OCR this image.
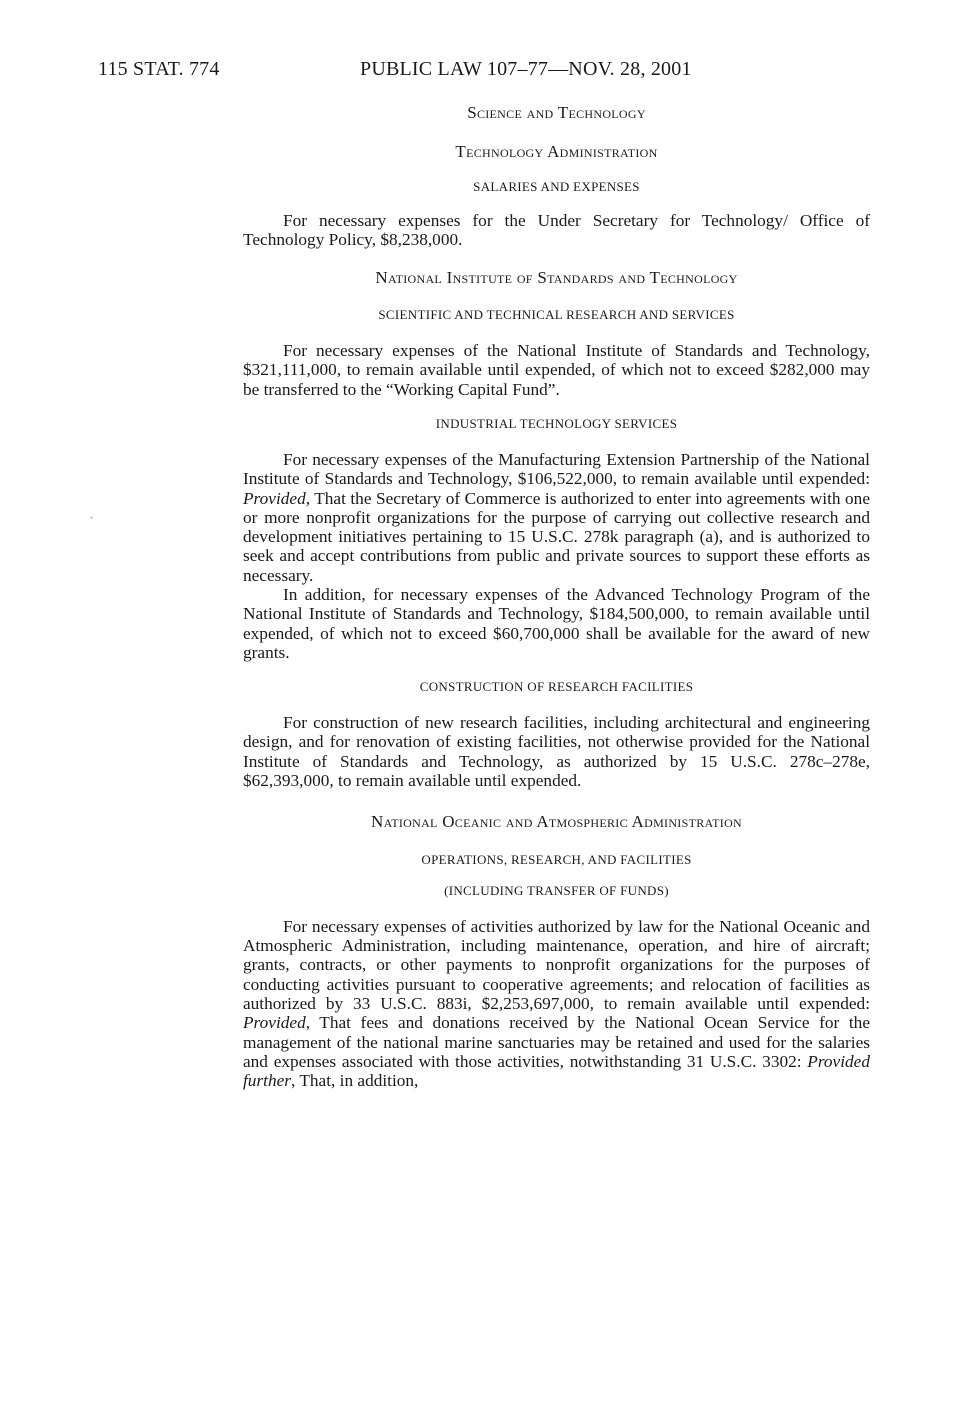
115 STAT. 774	PUBLIC LAW 107–77—NOV. 28, 2001
Science and Technology
Technology Administration
SALARIES AND EXPENSES

For necessary expenses for the Under Secretary for Technology/ Office of Technology Policy, $8,238,000.

National Institute of Standards and Technology
SCIENTIFIC AND TECHNICAL RESEARCH AND SERVICES

For necessary expenses of the National Institute of Standards and Technology, $321,111,000, to remain available until expended, of which not to exceed $282,000 may be transferred to the “Working Capital Fund”.

INDUSTRIAL TECHNOLOGY SERVICES

For necessary expenses of the Manufacturing Extension Partnership of the National Institute of Standards and Technology, $106,522,000, to remain available until expended: Provided, That the Secretary of Commerce is authorized to enter into agreements with one or more nonprofit organizations for the purpose of carrying out collective research and development initiatives pertaining to 15 U.S.C. 278k paragraph (a), and is authorized to seek and accept contributions from public and private sources to support these efforts as necessary.

In addition, for necessary expenses of the Advanced Technology Program of the National Institute of Standards and Technology, $184,500,000, to remain available until expended, of which not to exceed $60,700,000 shall be available for the award of new grants.

CONSTRUCTION OF RESEARCH FACILITIES

For construction of new research facilities, including architectural and engineering design, and for renovation of existing facilities, not otherwise provided for the National Institute of Standards and Technology, as authorized by 15 U.S.C. 278c–278e, $62,393,000, to remain available until expended.

National Oceanic and Atmospheric Administration
OPERATIONS, RESEARCH, AND FACILITIES
(INCLUDING TRANSFER OF FUNDS)

For necessary expenses of activities authorized by law for the National Oceanic and Atmospheric Administration, including maintenance, operation, and hire of aircraft; grants, contracts, or other payments to nonprofit organizations for the purposes of conducting activities pursuant to cooperative agreements; and relocation of facilities as authorized by 33 U.S.C. 883i, $2,253,697,000, to remain available until expended: Provided, That fees and donations received by the National Ocean Service for the management of the national marine sanctuaries may be retained and used for the salaries and expenses associated with those activities, notwithstanding 31 U.S.C. 3302: Provided further, That, in addition,
